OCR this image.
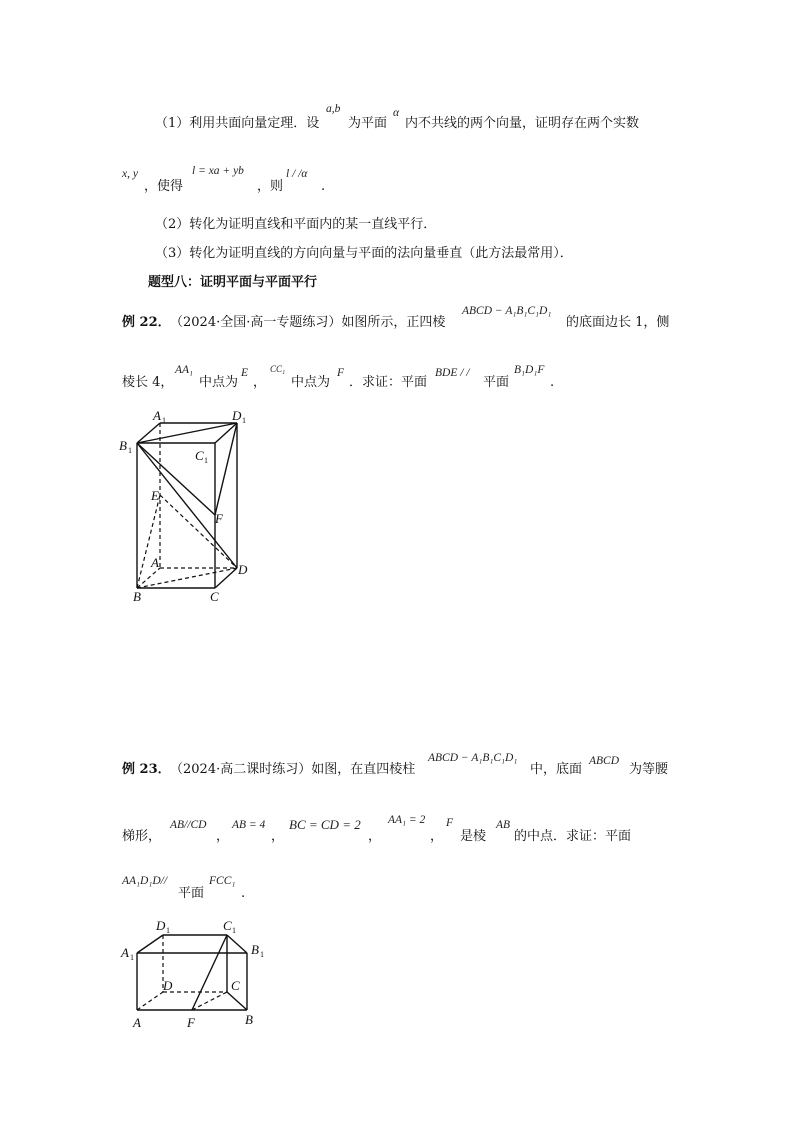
（1）利用共面向量定理．设
a,b
为平面
α
内不共线的两个向量，证明存在两个实数
x, y
，使得
l = xa + yb
，则
l / /α
.
（2）转化为证明直线和平面内的某一直线平行．
（3）转化为证明直线的方向向量与平面的法向量垂直（此方法最常用）．
题型八：证明平面与平面平行
例 22． （2024·全国·高一专题练习）如图所示，正四棱
ABCD − A₁B₁C₁D₁
的底面边长 1，侧
棱长 4，
AA₁
中点为
E
，
CC₁
中点为
F
．求证：平面
BDE / /
平面
B₁D₁F
.
A 1	D 1
B 1	C 1
E
F
A	D
B	C
例 23． （2024·高二课时练习）如图，在直四棱柱
ABCD − A₁B₁C₁D₁
中，底面
ABCD
为等腰
梯形，
AB//CD
，
AB = 4
，
BC = CD = 2
，
AA₁ = 2
，
F
是棱
AB
的中点．求证：平面
AA₁D₁D//
平面
FCC₁
.
D 1	C 1
A 1
B 1
D	C
A	F	B
